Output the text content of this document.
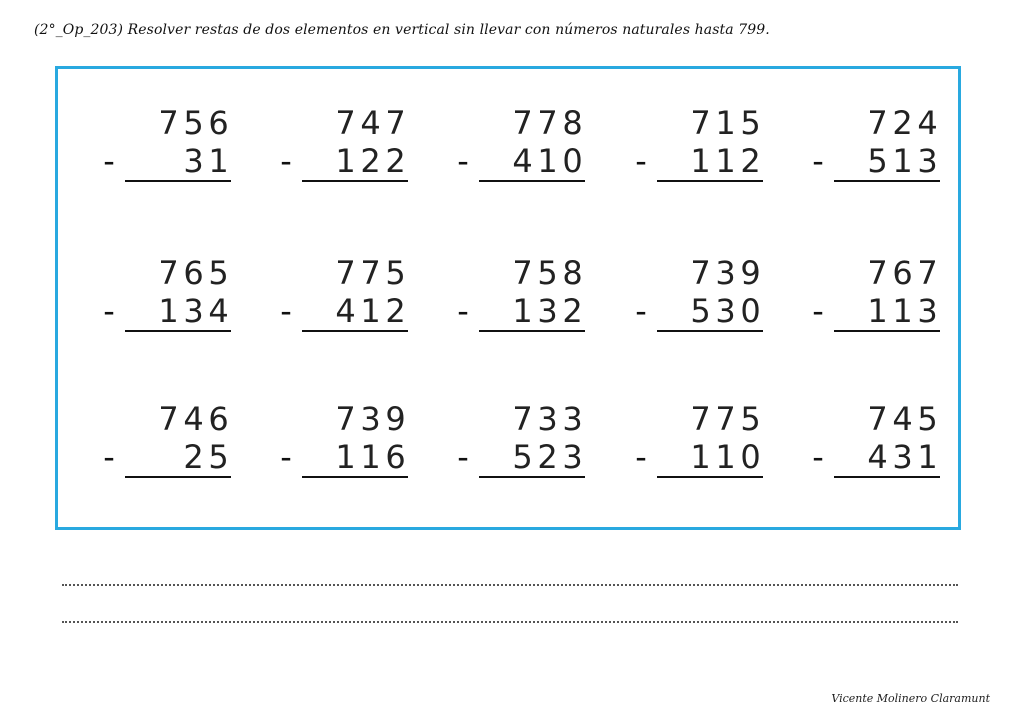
(2°_Op_203) Resolver restas de dos elementos en vertical sin llevar con números naturales hasta 799.
7 5 6
- 3 1
7 4 7
- 1 2 2
7 7 8
- 4 1 0
7 1 5
- 1 1 2
7 2 4
- 5 1 3
7 6 5
- 1 3 4
7 7 5
- 4 1 2
7 5 8
- 1 3 2
7 3 9
- 5 3 0
7 6 7
- 1 1 3
7 4 6
- 2 5
7 3 9
- 1 1 6
7 3 3
- 5 2 3
7 7 5
- 1 1 0
7 4 5
- 4 3 1
Vicente Molinero Claramunt
